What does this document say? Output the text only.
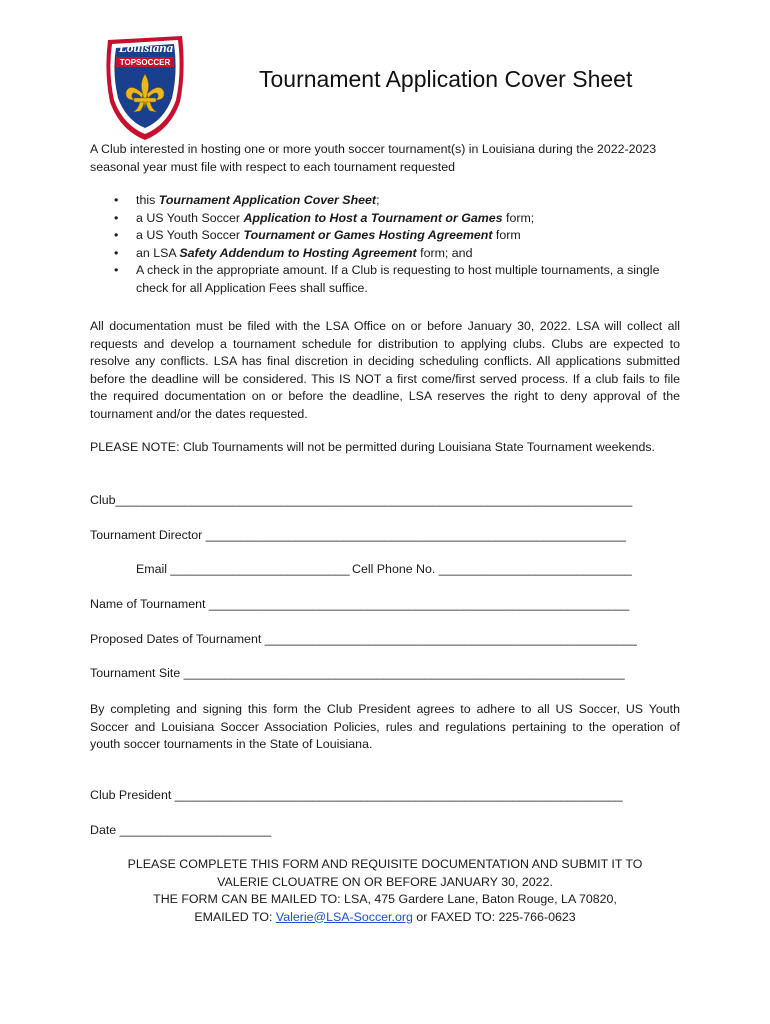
Louisiana
TOPSOCCER
Tournament Application Cover Sheet
A Club interested in hosting one or more youth soccer tournament(s) in Louisiana during the 2022-2023 seasonal year must file with respect to each tournament requested
• this Tournament Application Cover Sheet;
• a US Youth Soccer Application to Host a Tournament or Games form;
• a US Youth Soccer Tournament or Games Hosting Agreement form
• an LSA Safety Addendum to Hosting Agreement form; and
• A check in the appropriate amount. If a Club is requesting to host multiple tournaments, a single check for all Application Fees shall suffice.
All documentation must be filed with the LSA Office on or before January 30, 2022. LSA will collect all requests and develop a tournament schedule for distribution to applying clubs. Clubs are expected to resolve any conflicts. LSA has final discretion in deciding scheduling conflicts. All applications submitted before the deadline will be considered. This IS NOT a first come/first served process. If a club fails to file the required documentation on or before the deadline, LSA reserves the right to deny approval of the tournament and/or the dates requested.
PLEASE NOTE: Club Tournaments will not be permitted during Louisiana State Tournament weekends.
Club___________________________________________________________________________
Tournament Director _____________________________________________________________
Email __________________________ Cell Phone No. ____________________________
Name of Tournament _____________________________________________________________
Proposed Dates of Tournament ______________________________________________________
Tournament Site ________________________________________________________________
By completing and signing this form the Club President agrees to adhere to all US Soccer, US Youth Soccer and Louisiana Soccer Association Policies, rules and regulations pertaining to the operation of youth soccer tournaments in the State of Louisiana.
Club President _________________________________________________________________
Date ______________________
PLEASE COMPLETE THIS FORM AND REQUISITE DOCUMENTATION AND SUBMIT IT TO
VALERIE CLOUATRE ON OR BEFORE JANUARY 30, 2022.
THE FORM CAN BE MAILED TO: LSA, 475 Gardere Lane, Baton Rouge, LA 70820,
EMAILED TO: Valerie@LSA-Soccer.org or FAXED TO: 225-766-0623
